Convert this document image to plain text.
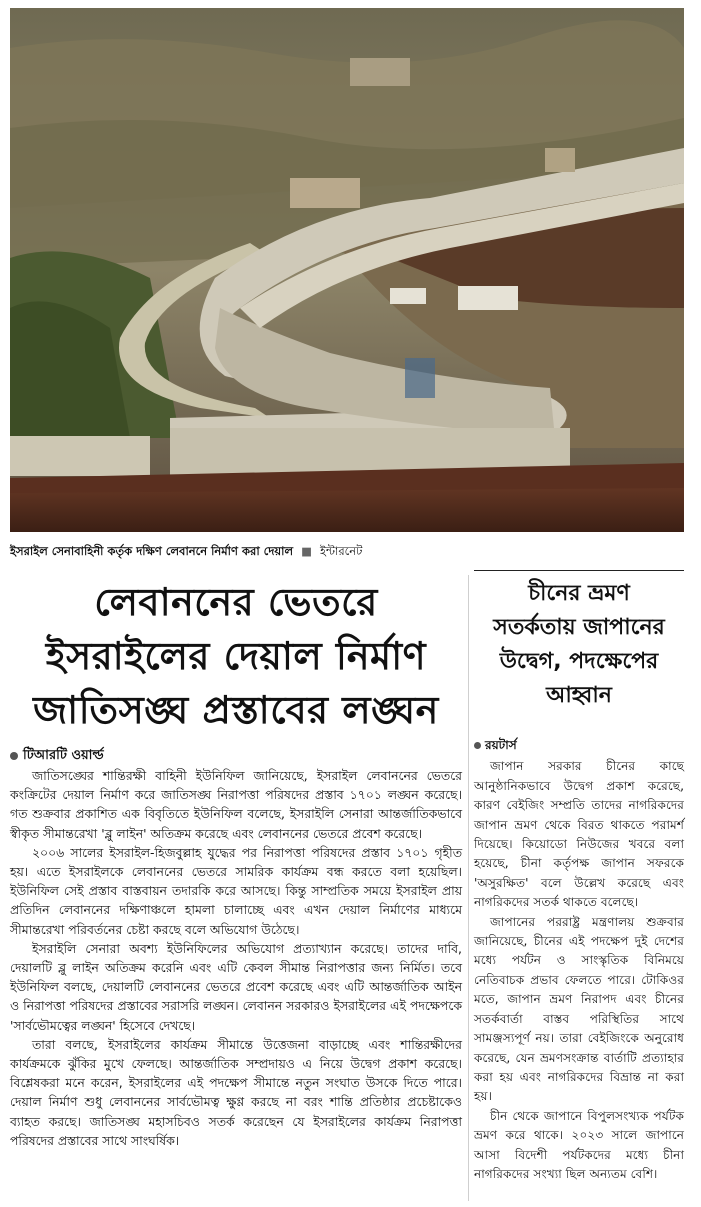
ইসরাইল সেনাবাহিনী কর্তৃক দক্ষিণ লেবাননে নির্মাণ করা দেয়াল ■ ইন্টারনেট
লেবাননের ভেতরে
ইসরাইলের দেয়াল নির্মাণ
জাতিসঙ্ঘ প্রস্তাবের লঙ্ঘন
টিআরটি ওয়ার্ল্ড

জাতিসঙ্ঘের শান্তিরক্ষী বাহিনী ইউনিফিল জানিয়েছে, ইসরাইল লেবাননের ভেতরে কংক্রিটের দেয়াল নির্মাণ করে জাতিসঙ্ঘ নিরাপত্তা পরিষদের প্রস্তাব ১৭০১ লঙ্ঘন করেছে। গত শুক্রবার প্রকাশিত এক বিবৃতিতে ইউনিফিল বলেছে, ইসরাইলি সেনারা আন্তর্জাতিকভাবে স্বীকৃত সীমান্তরেখা 'ব্লু লাইন' অতিক্রম করেছে এবং লেবাননের ভেতরে প্রবেশ করেছে।

২০০৬ সালের ইসরাইল-হিজবুল্লাহ যুদ্ধের পর নিরাপত্তা পরিষদের প্রস্তাব ১৭০১ গৃহীত হয়। এতে ইসরাইলকে লেবাননের ভেতরে সামরিক কার্যক্রম বন্ধ করতে বলা হয়েছিল। ইউনিফিল সেই প্রস্তাব বাস্তবায়ন তদারকি করে আসছে। কিন্তু সাম্প্রতিক সময়ে ইসরাইল প্রায় প্রতিদিন লেবাননের দক্ষিণাঞ্চলে হামলা চালাচ্ছে এবং এখন দেয়াল নির্মাণের মাধ্যমে সীমান্তরেখা পরিবর্তনের চেষ্টা করছে বলে অভিযোগ উঠেছে।

ইসরাইলি সেনারা অবশ্য ইউনিফিলের অভিযোগ প্রত্যাখ্যান করেছে। তাদের দাবি, দেয়ালটি ব্লু লাইন অতিক্রম করেনি এবং এটি কেবল সীমান্ত নিরাপত্তার জন্য নির্মিত। তবে ইউনিফিল বলছে, দেয়ালটি লেবাননের ভেতরে প্রবেশ করেছে এবং এটি আন্তর্জাতিক আইন ও নিরাপত্তা পরিষদের প্রস্তাবের সরাসরি লঙ্ঘন। লেবানন সরকারও ইসরাইলের এই পদক্ষেপকে 'সার্বভৌমত্বের লঙ্ঘন' হিসেবে দেখছে।

তারা বলছে, ইসরাইলের কার্যক্রম সীমান্তে উত্তেজনা বাড়াচ্ছে এবং শান্তিরক্ষীদের কার্যক্রমকে ঝুঁকির মুখে ফেলছে। আন্তর্জাতিক সম্প্রদায়ও এ নিয়ে উদ্বেগ প্রকাশ করেছে। বিশ্লেষকরা মনে করেন, ইসরাইলের এই পদক্ষেপ সীমান্তে নতুন সংঘাত উসকে দিতে পারে। দেয়াল নির্মাণ শুধু লেবাননের সার্বভৌমত্ব ক্ষুণ্ণ করছে না বরং শান্তি প্রতিষ্ঠার প্রচেষ্টাকেও ব্যাহত করছে। জাতিসঙ্ঘ মহাসচিবও সতর্ক করেছেন যে ইসরাইলের কার্যক্রম নিরাপত্তা পরিষদের প্রস্তাবের সাথে সাংঘর্ষিক।

চীনের ভ্রমণ
সতর্কতায় জাপানের
উদ্বেগ, পদক্ষেপের
আহ্বান
রয়টার্স

জাপান সরকার চীনের কাছে আনুষ্ঠানিকভাবে উদ্বেগ প্রকাশ করেছে, কারণ বেইজিং সম্প্রতি তাদের নাগরিকদের জাপান ভ্রমণ থেকে বিরত থাকতে পরামর্শ দিয়েছে। কিয়োডো নিউজের খবরে বলা হয়েছে, চীনা কর্তৃপক্ষ জাপান সফরকে 'অসুরক্ষিত' বলে উল্লেখ করেছে এবং নাগরিকদের সতর্ক থাকতে বলেছে।

জাপানের পররাষ্ট্র মন্ত্রণালয় শুক্রবার জানিয়েছে, চীনের এই পদক্ষেপ দুই দেশের মধ্যে পর্যটন ও সাংস্কৃতিক বিনিময়ে নেতিবাচক প্রভাব ফেলতে পারে। টোকিওর মতে, জাপান ভ্রমণ নিরাপদ এবং চীনের সতর্কবার্তা বাস্তব পরিস্থিতির সাথে সামঞ্জস্যপূর্ণ নয়। তারা বেইজিংকে অনুরোধ করেছে, যেন ভ্রমণসংক্রান্ত বার্তাটি প্রত্যাহার করা হয় এবং নাগরিকদের বিভ্রান্ত না করা হয়।

চীন থেকে জাপানে বিপুলসংখ্যক পর্যটক ভ্রমণ করে থাকে। ২০২৩ সালে জাপানে আসা বিদেশী পর্যটকদের মধ্যে চীনা নাগরিকদের সংখ্যা ছিল অন্যতম বেশি।
